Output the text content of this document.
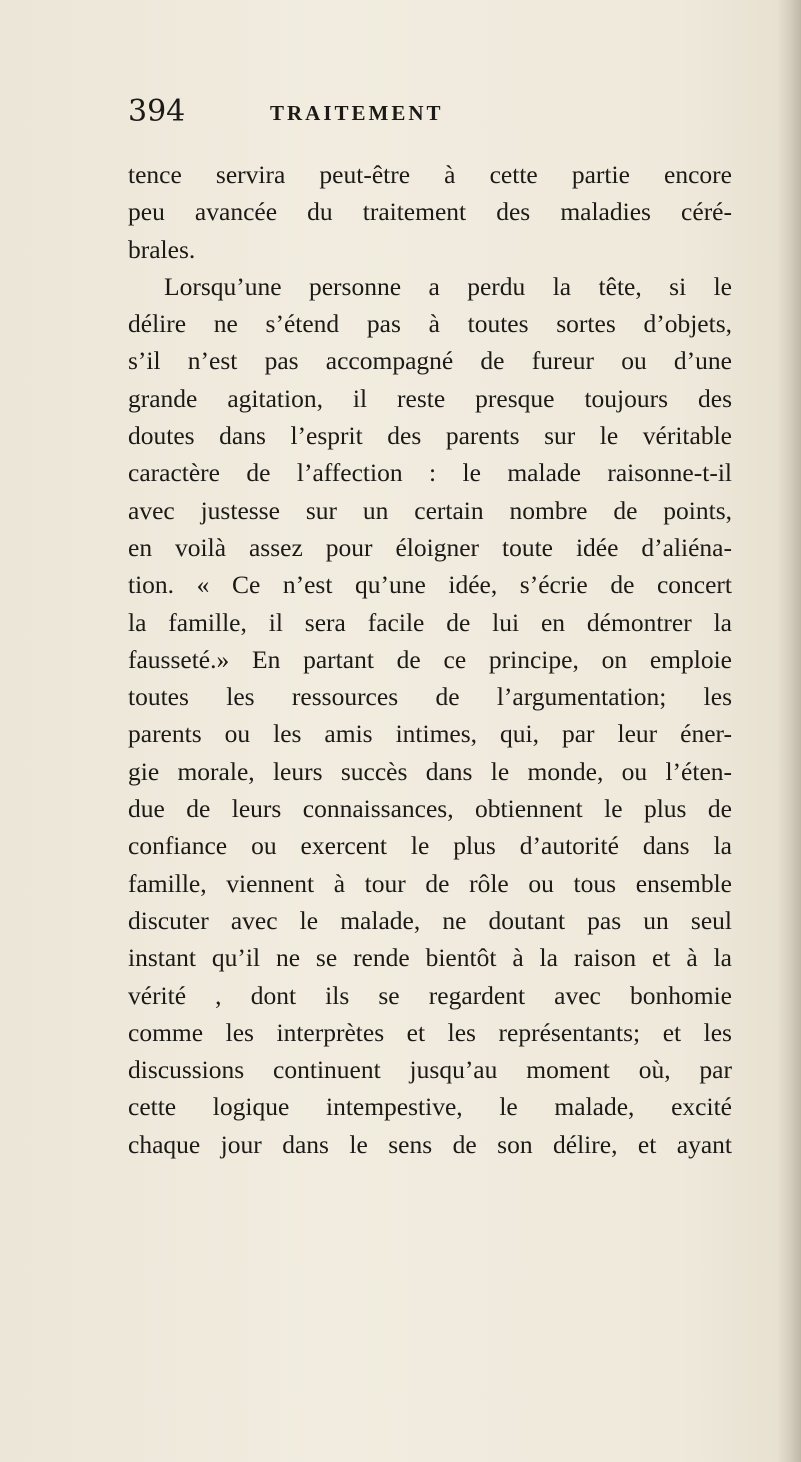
394	TRAITEMENT
tence servira peut-être à cette partie encore
peu avancée du traitement des maladies céré-
brales.
Lorsqu’une personne a perdu la tête, si le
délire ne s’étend pas à toutes sortes d’objets,
s’il n’est pas accompagné de fureur ou d’une
grande agitation, il reste presque toujours des
doutes dans l’esprit des parents sur le véritable
caractère de l’affection : le malade raisonne-t-il
avec justesse sur un certain nombre de points,
en voilà assez pour éloigner toute idée d’aliéna-
tion. « Ce n’est qu’une idée, s’écrie de concert
la famille, il sera facile de lui en démontrer la
fausseté.» En partant de ce principe, on emploie
toutes les ressources de l’argumentation; les
parents ou les amis intimes, qui, par leur éner-
gie morale, leurs succès dans le monde, ou l’éten-
due de leurs connaissances, obtiennent le plus de
confiance ou exercent le plus d’autorité dans la
famille, viennent à tour de rôle ou tous ensemble
discuter avec le malade, ne doutant pas un seul
instant qu’il ne se rende bientôt à la raison et à la
vérité , dont ils se regardent avec bonhomie
comme les interprètes et les représentants; et les
discussions continuent jusqu’au moment où, par
cette logique intempestive, le malade, excité
chaque jour dans le sens de son délire, et ayant
